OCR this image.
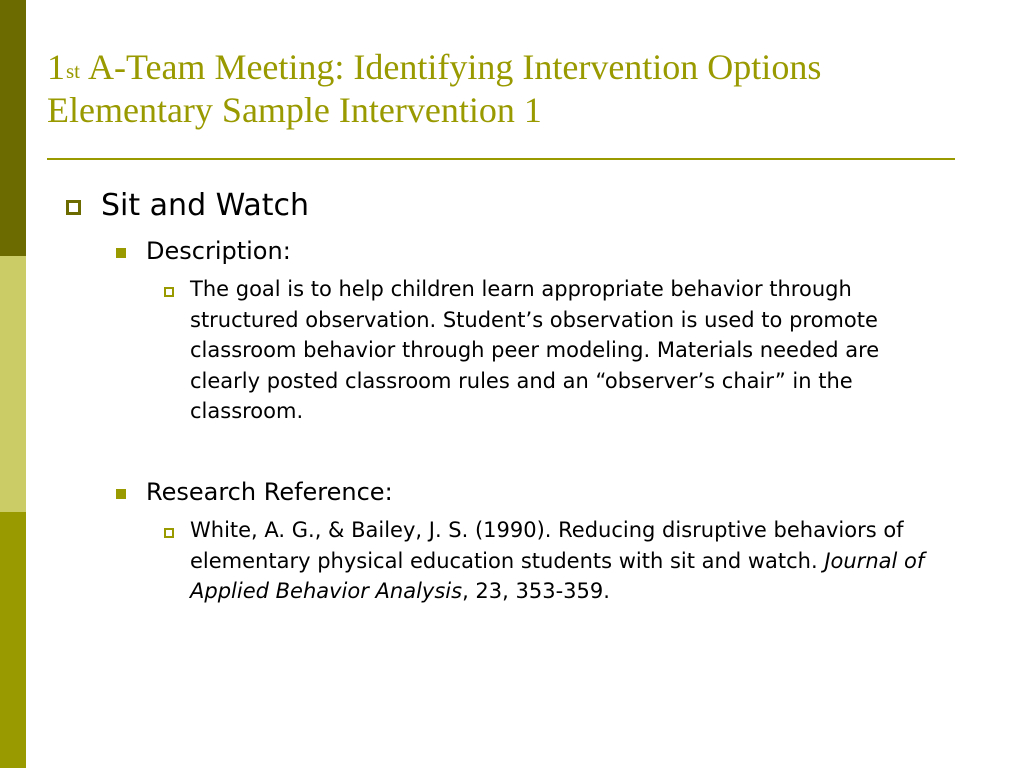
1st A-Team Meeting: Identifying Intervention Options
Elementary Sample Intervention 1
Sit and Watch
Description:
The goal is to help children learn appropriate behavior through structured observation. Student’s observation is used to promote classroom behavior through peer modeling. Materials needed are clearly posted classroom rules and an “observer’s chair” in the classroom.
Research Reference:
White, A. G., & Bailey, J. S. (1990). Reducing disruptive behaviors of elementary physical education students with sit and watch. Journal of Applied Behavior Analysis, 23, 353-359.
